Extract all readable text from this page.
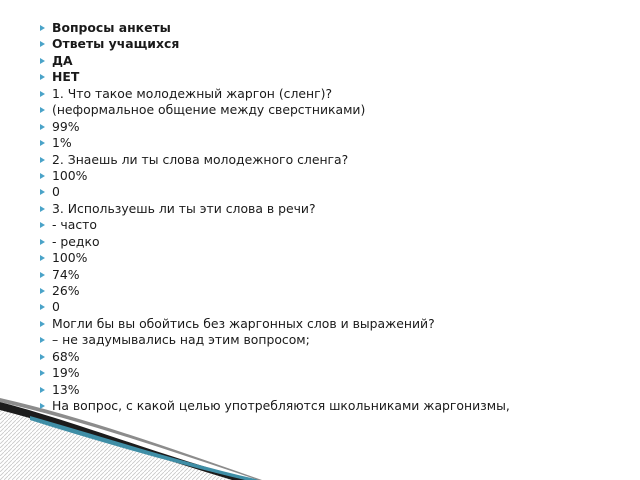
Вопросы анкеты
Ответы учащихся
ДА
НЕТ
1. Что такое молодежный жаргон (сленг)?
(неформальное общение между сверстниками)
99%
1%
2. Знаешь ли ты слова молодежного сленга?
100%
0
3. Используешь ли ты эти слова в речи?
- часто
- редко
100%
74%
26%
0
Могли бы вы обойтись без жаргонных слов и выражений?
– не задумывались над этим вопросом;
68%
19%
13%
На вопрос, с какой целью употребляются школьниками жаргонизмы,
